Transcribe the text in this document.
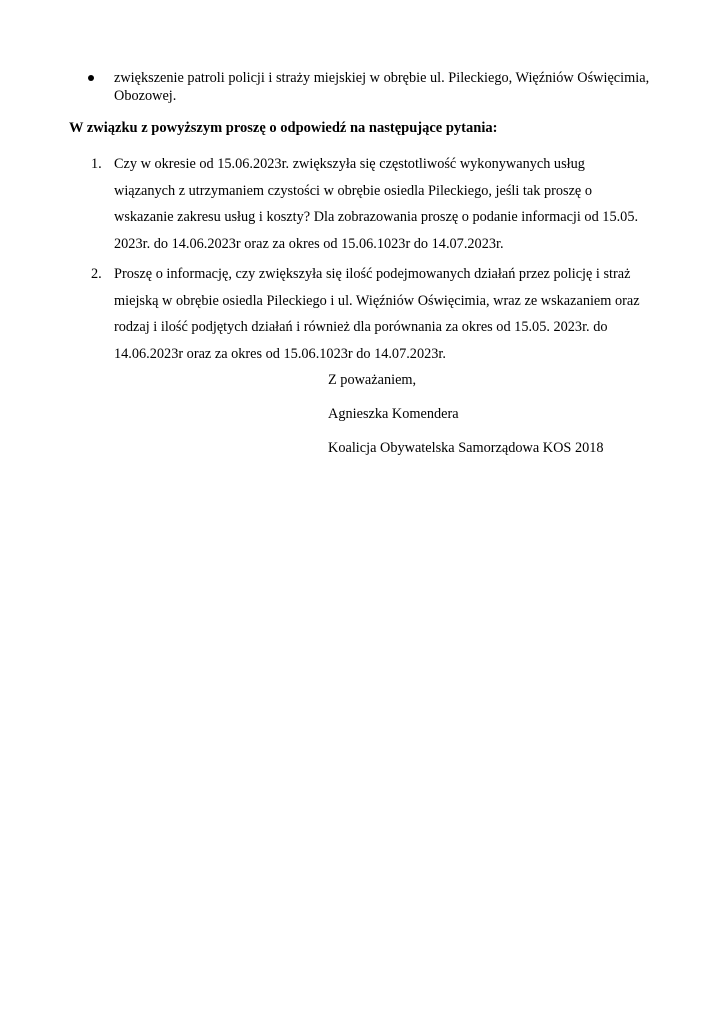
zwiększenie patroli policji i straży miejskiej w obrębie ul. Pileckiego, Więźniów Oświęcimia, Obozowej.
W związku z powyższym proszę o odpowiedź na następujące pytania:
1. Czy w okresie od 15.06.2023r. zwiększyła się częstotliwość wykonywanych usług wiązanych z utrzymaniem czystości w obrębie osiedla Pileckiego, jeśli tak proszę o wskazanie zakresu usług i koszty? Dla zobrazowania proszę o podanie informacji od 15.05. 2023r. do 14.06.2023r oraz za okres od 15.06.1023r do 14.07.2023r.
2. Proszę o informację, czy zwiększyła się ilość podejmowanych działań przez policję i straż miejską w obrębie osiedla Pileckiego i ul. Więźniów Oświęcimia, wraz ze wskazaniem oraz rodzaj i ilość podjętych działań i również dla porównania za okres od 15.05. 2023r. do 14.06.2023r oraz za okres od 15.06.1023r do 14.07.2023r.
Z poważaniem,
Agnieszka Komendera
Koalicja Obywatelska Samorządowa KOS 2018
